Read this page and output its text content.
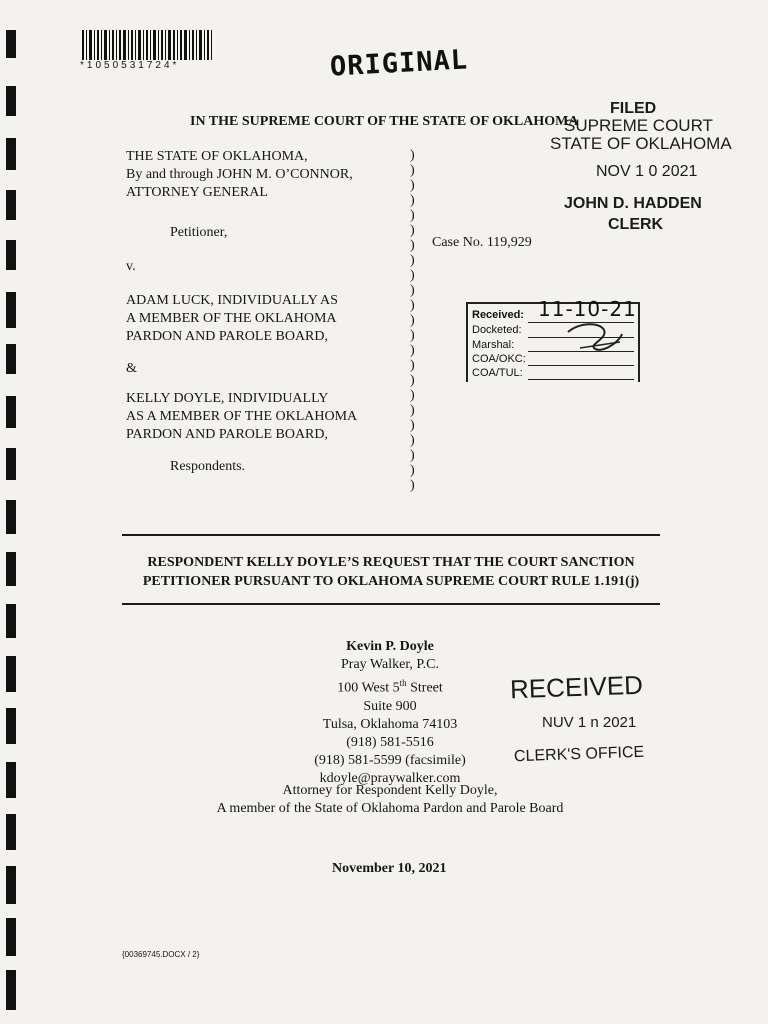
*1050531724*	ORIGINAL
IN THE SUPREME COURT OF THE STATE OF OKLAHOMA
FILED
SUPREME COURT
STATE OF OKLAHOMA
NOV 1 0 2021
JOHN D. HADDEN
CLERK
THE STATE OF OKLAHOMA,
By and through JOHN M. O’CONNOR,
ATTORNEY GENERAL
Petitioner,
v.
ADAM LUCK, INDIVIDUALLY AS
A MEMBER OF THE OKLAHOMA
PARDON AND PAROLE BOARD,
&
KELLY DOYLE, INDIVIDUALLY
AS A MEMBER OF THE OKLAHOMA
PARDON AND PAROLE BOARD,
Respondents.
)
)
)
)
)
)
)
)
)
)
)
)
)
)
)
)
)
)
)
)
)
)
)
Case No. 119,929
Received: 11-10-21
Docketed:
Marshal:
COA/OKC:
COA/TUL:
RESPONDENT KELLY DOYLE’S REQUEST THAT THE COURT SANCTION
PETITIONER PURSUANT TO OKLAHOMA SUPREME COURT RULE 1.191(j)
Kevin P. Doyle
Pray Walker, P.C.
100 West 5th Street
Suite 900
Tulsa, Oklahoma 74103
(918) 581-5516
(918) 581-5599 (facsimile)
kdoyle@praywalker.com
Attorney for Respondent Kelly Doyle,
A member of the State of Oklahoma Pardon and Parole Board
RECEIVED
NUV 1 n 2021
CLERK'S OFFICE
November 10, 2021
{00369745.DOCX / 2}
